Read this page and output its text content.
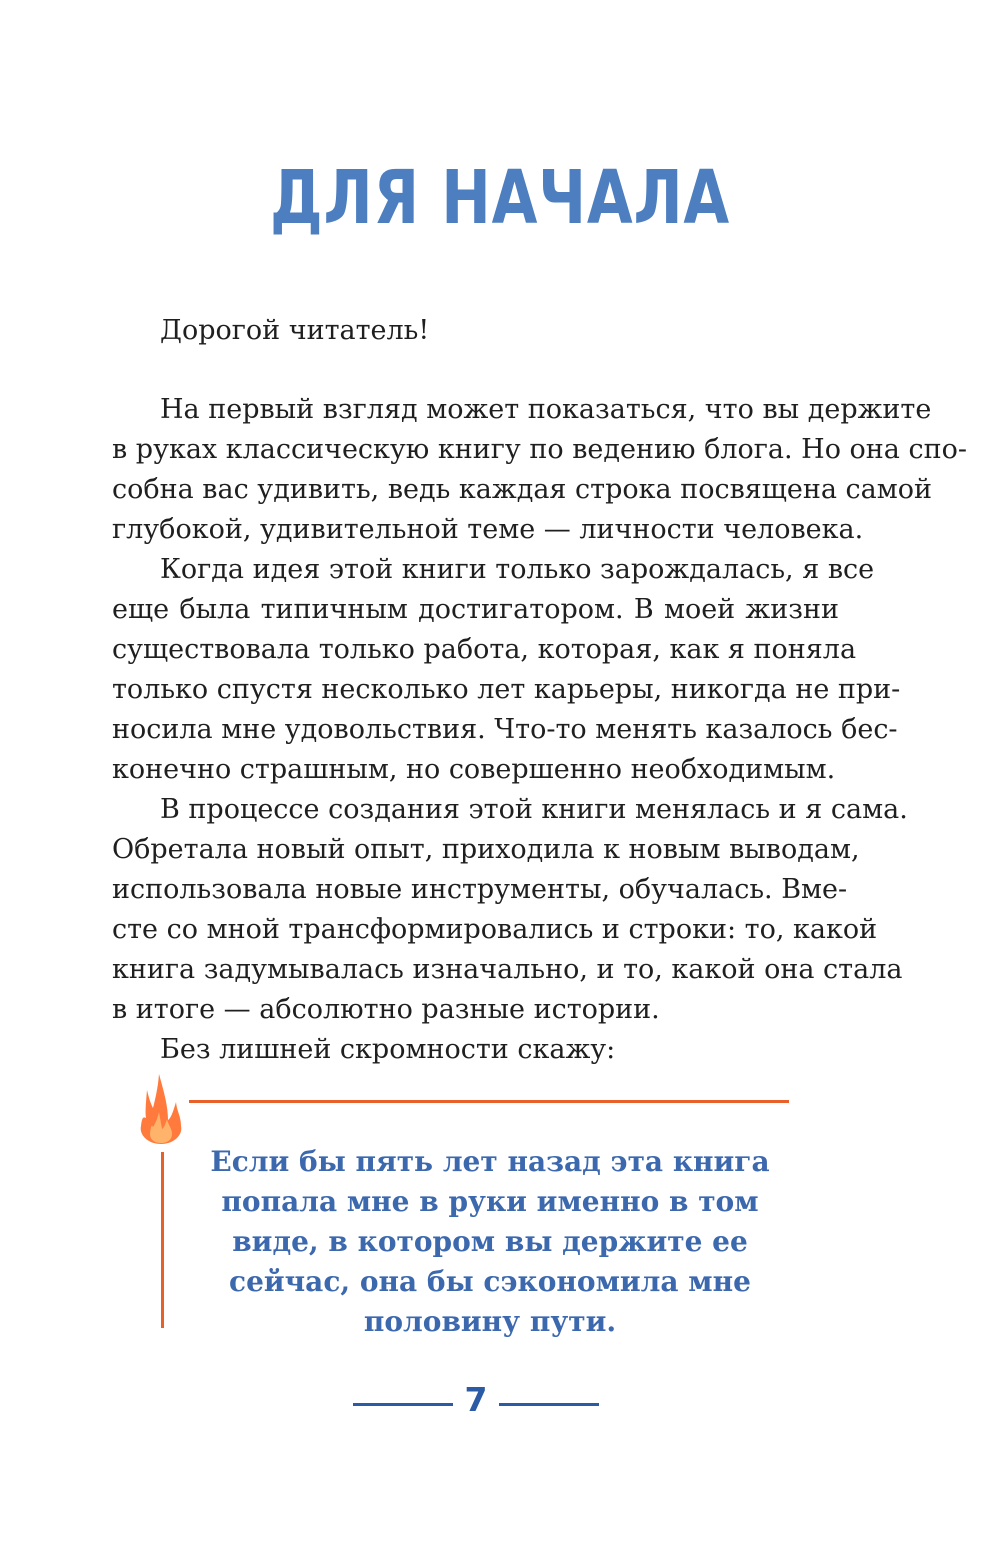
ДЛЯ НАЧАЛА
Дорогой читатель!
На первый взгляд может показаться, что вы держите
в руках классическую книгу по ведению блога. Но она спо-
собна вас удивить, ведь каждая строка посвящена самой
глубокой, удивительной теме — личности человека.
Когда идея этой книги только зарождалась, я все
еще была типичным достигатором. В моей жизни
существовала только работа, которая, как я поняла
только спустя несколько лет карьеры, никогда не при-
носила мне удовольствия. Что-то менять казалось бес-
конечно страшным, но совершенно необходимым.
В процессе создания этой книги менялась и я сама.
Обретала новый опыт, приходила к новым выводам,
использовала новые инструменты, обучалась. Вме-
сте со мной трансформировались и строки: то, какой
книга задумывалась изначально, и то, какой она стала
в итоге — абсолютно разные истории.
Без лишней скромности скажу:
Если бы пять лет назад эта книга
попала мне в руки именно в том
виде, в котором вы держите ее
сейчас, она бы сэкономила мне
половину пути.
7
